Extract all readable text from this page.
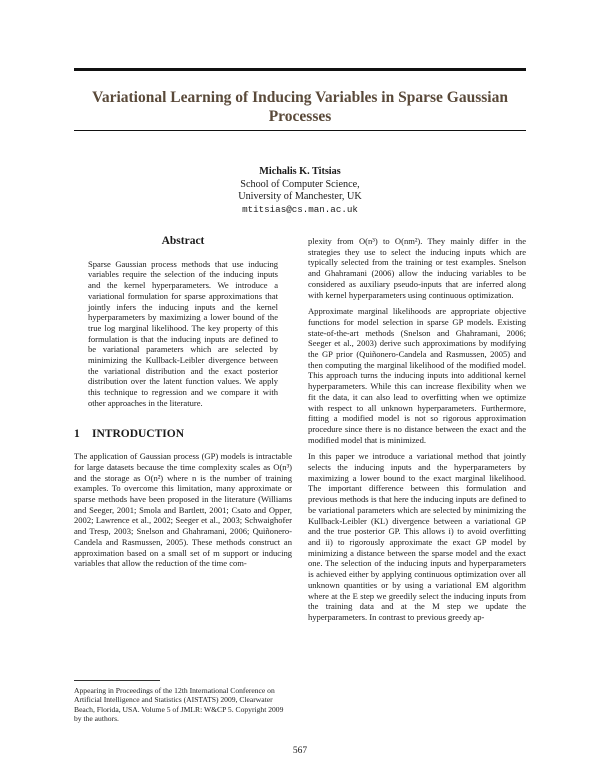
Variational Learning of Inducing Variables in Sparse Gaussian Processes
Michalis K. Titsias
School of Computer Science,
University of Manchester, UK
mtitsias@cs.man.ac.uk
Abstract

Sparse Gaussian process methods that use inducing variables require the selection of the inducing inputs and the kernel hyperparameters. We introduce a variational formulation for sparse approximations that jointly infers the inducing inputs and the kernel hyperparameters by maximizing a lower bound of the true log marginal likelihood. The key property of this formulation is that the inducing inputs are defined to be variational parameters which are selected by minimizing the Kullback-Leibler divergence between the variational distribution and the exact posterior distribution over the latent function values. We apply this technique to regression and we compare it with other approaches in the literature.

1 INTRODUCTION

The application of Gaussian process (GP) models is intractable for large datasets because the time complexity scales as O(n³) and the storage as O(n²) where n is the number of training examples. To overcome this limitation, many approximate or sparse methods have been proposed in the literature (Williams and Seeger, 2001; Smola and Bartlett, 2001; Csato and Opper, 2002; Lawrence et al., 2002; Seeger et al., 2003; Schwaighofer and Tresp, 2003; Snelson and Ghahramani, 2006; Quiñonero-Candela and Rasmussen, 2005). These methods construct an approximation based on a small set of m support or inducing variables that allow the reduction of the time com-

plexity from O(n³) to O(nm²). They mainly differ in the strategies they use to select the inducing inputs which are typically selected from the training or test examples. Snelson and Ghahramani (2006) allow the inducing variables to be considered as auxiliary pseudo-inputs that are inferred along with kernel hyperparameters using continuous optimization.

Approximate marginal likelihoods are appropriate objective functions for model selection in sparse GP models. Existing state-of-the-art methods (Snelson and Ghahramani, 2006; Seeger et al., 2003) derive such approximations by modifying the GP prior (Quiñonero-Candela and Rasmussen, 2005) and then computing the marginal likelihood of the modified model. This approach turns the inducing inputs into additional kernel hyperparameters. While this can increase flexibility when we fit the data, it can also lead to overfitting when we optimize with respect to all unknown hyperparameters. Furthermore, fitting a modified model is not so rigorous approximation procedure since there is no distance between the exact and the modified model that is minimized.

In this paper we introduce a variational method that jointly selects the inducing inputs and the hyperparameters by maximizing a lower bound to the exact marginal likelihood. The important difference between this formulation and previous methods is that here the inducing inputs are defined to be variational parameters which are selected by minimizing the Kullback-Leibler (KL) divergence between a variational GP and the true posterior GP. This allows i) to avoid overfitting and ii) to rigorously approximate the exact GP model by minimizing a distance between the sparse model and the exact one. The selection of the inducing inputs and hyperparameters is achieved either by applying continuous optimization over all unknown quantities or by using a variational EM algorithm where at the E step we greedily select the inducing inputs from the training data and at the M step we update the hyperparameters. In contrast to previous greedy ap-

Appearing in Proceedings of the 12th International Conference on Artificial Intelligence and Statistics (AISTATS) 2009, Clearwater Beach, Florida, USA. Volume 5 of JMLR: W&CP 5. Copyright 2009 by the authors.
567
